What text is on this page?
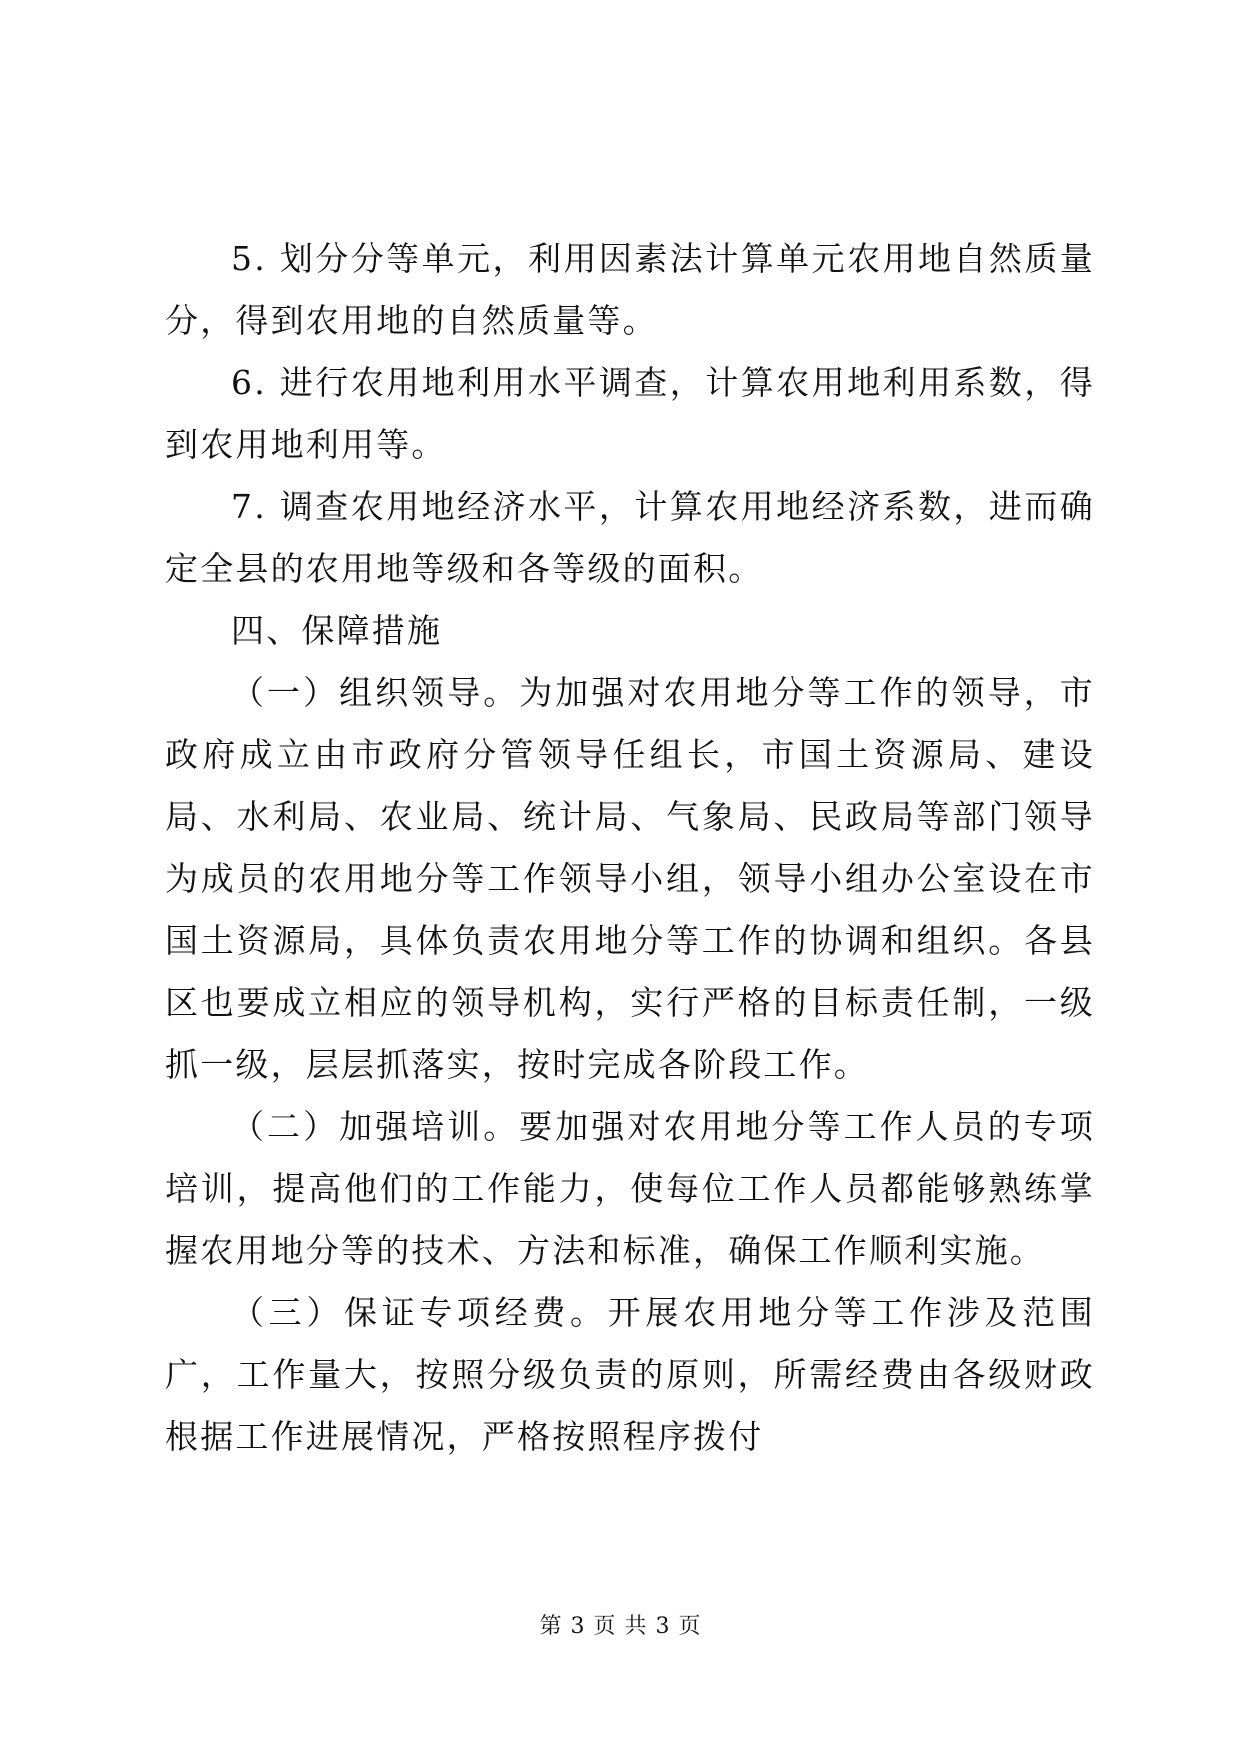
5. 划分分等单元，利用因素法计算单元农用地自然质量分，得到农用地的自然质量等。

6. 进行农用地利用水平调查，计算农用地利用系数，得到农用地利用等。

7. 调查农用地经济水平，计算农用地经济系数，进而确定全县的农用地等级和各等级的面积。

四、保障措施

（一）组织领导。为加强对农用地分等工作的领导，市政府成立由市政府分管领导任组长，市国土资源局、建设局、水利局、农业局、统计局、气象局、民政局等部门领导为成员的农用地分等工作领导小组，领导小组办公室设在市国土资源局，具体负责农用地分等工作的协调和组织。各县区也要成立相应的领导机构，实行严格的目标责任制，一级抓一级，层层抓落实，按时完成各阶段工作。

（二）加强培训。要加强对农用地分等工作人员的专项培训，提高他们的工作能力，使每位工作人员都能够熟练掌握农用地分等的技术、方法和标准，确保工作顺利实施。

（三）保证专项经费。开展农用地分等工作涉及范围广，工作量大，按照分级负责的原则，所需经费由各级财政根据工作进展情况，严格按照程序拨付

第 3 页 共 3 页
